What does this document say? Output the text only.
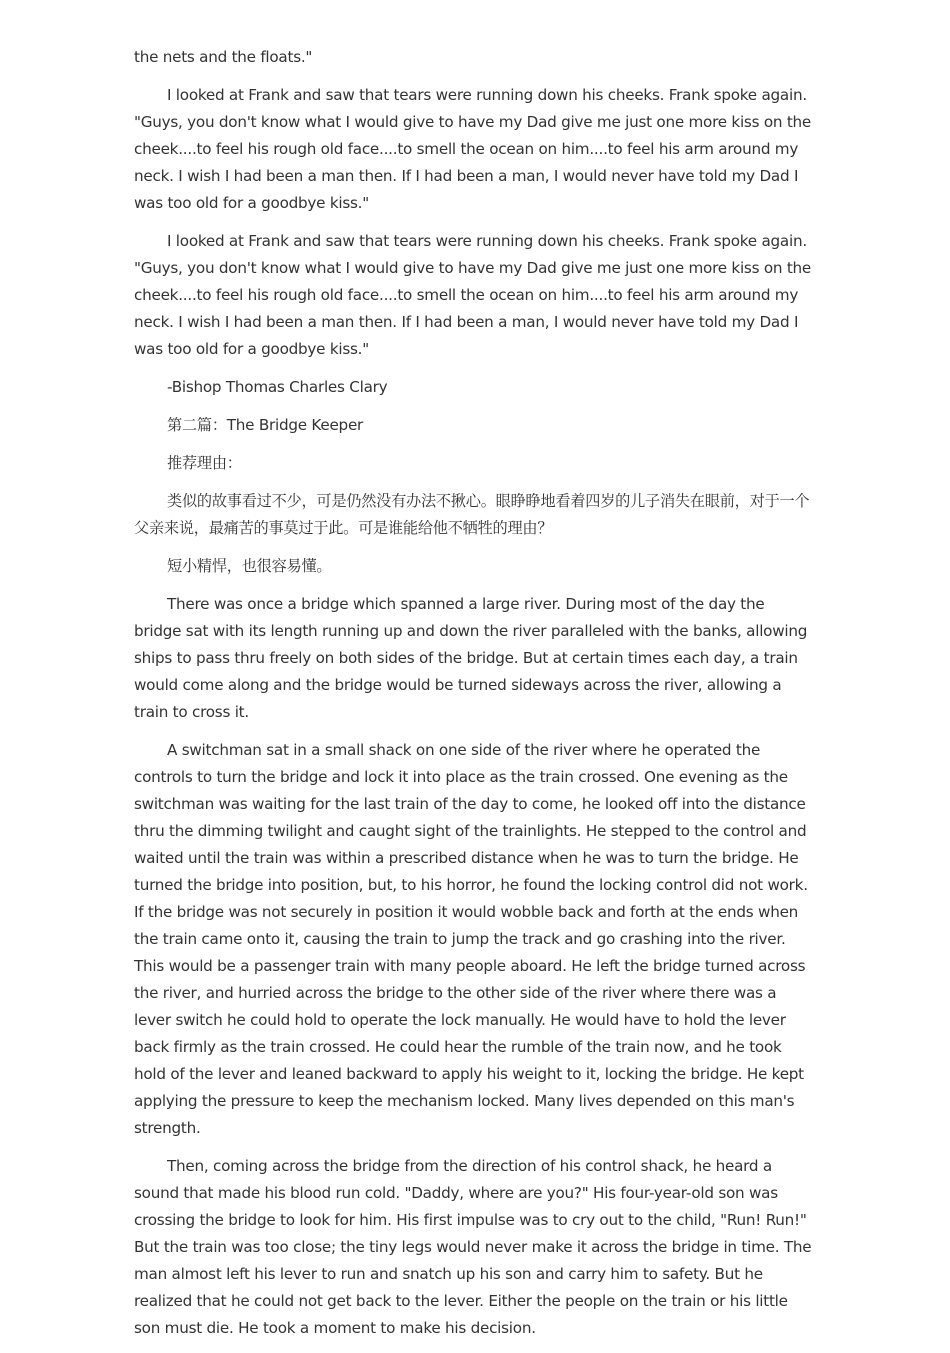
the nets and the floats."

I looked at Frank and saw that tears were running down his cheeks. Frank spoke again. "Guys, you don't know what I would give to have my Dad give me just one more kiss on the cheek....to feel his rough old face....to smell the ocean on him....to feel his arm around my neck. I wish I had been a man then. If I had been a man, I would never have told my Dad I was too old for a goodbye kiss."

I looked at Frank and saw that tears were running down his cheeks. Frank spoke again. "Guys, you don't know what I would give to have my Dad give me just one more kiss on the cheek....to feel his rough old face....to smell the ocean on him....to feel his arm around my neck. I wish I had been a man then. If I had been a man, I would never have told my Dad I was too old for a goodbye kiss."

-Bishop Thomas Charles Clary

第二篇：The Bridge Keeper

推荐理由：

类似的故事看过不少，可是仍然没有办法不揪心。眼睁睁地看着四岁的儿子消失在眼前，对于一个父亲来说，最痛苦的事莫过于此。可是谁能给他不牺牲的理由？

短小精悍，也很容易懂。

There was once a bridge which spanned a large river. During most of the day the bridge sat with its length running up and down the river paralleled with the banks, allowing ships to pass thru freely on both sides of the bridge. But at certain times each day, a train would come along and the bridge would be turned sideways across the river, allowing a train to cross it.

A switchman sat in a small shack on one side of the river where he operated the controls to turn the bridge and lock it into place as the train crossed. One evening as the switchman was waiting for the last train of the day to come, he looked off into the distance thru the dimming twilight and caught sight of the trainlights. He stepped to the control and waited until the train was within a prescribed distance when he was to turn the bridge. He turned the bridge into position, but, to his horror, he found the locking control did not work. If the bridge was not securely in position it would wobble back and forth at the ends when the train came onto it, causing the train to jump the track and go crashing into the river. This would be a passenger train with many people aboard. He left the bridge turned across the river, and hurried across the bridge to the other side of the river where there was a lever switch he could hold to operate the lock manually. He would have to hold the lever back firmly as the train crossed. He could hear the rumble of the train now, and he took hold of the lever and leaned backward to apply his weight to it, locking the bridge. He kept applying the pressure to keep the mechanism locked. Many lives depended on this man's strength.

Then, coming across the bridge from the direction of his control shack, he heard a sound that made his blood run cold. "Daddy, where are you?" His four-year-old son was crossing the bridge to look for him. His first impulse was to cry out to the child, "Run! Run!" But the train was too close; the tiny legs would never make it across the bridge in time. The man almost left his lever to run and snatch up his son and carry him to safety. But he realized that he could not get back to the lever. Either the people on the train or his little son must die. He took a moment to make his decision.
